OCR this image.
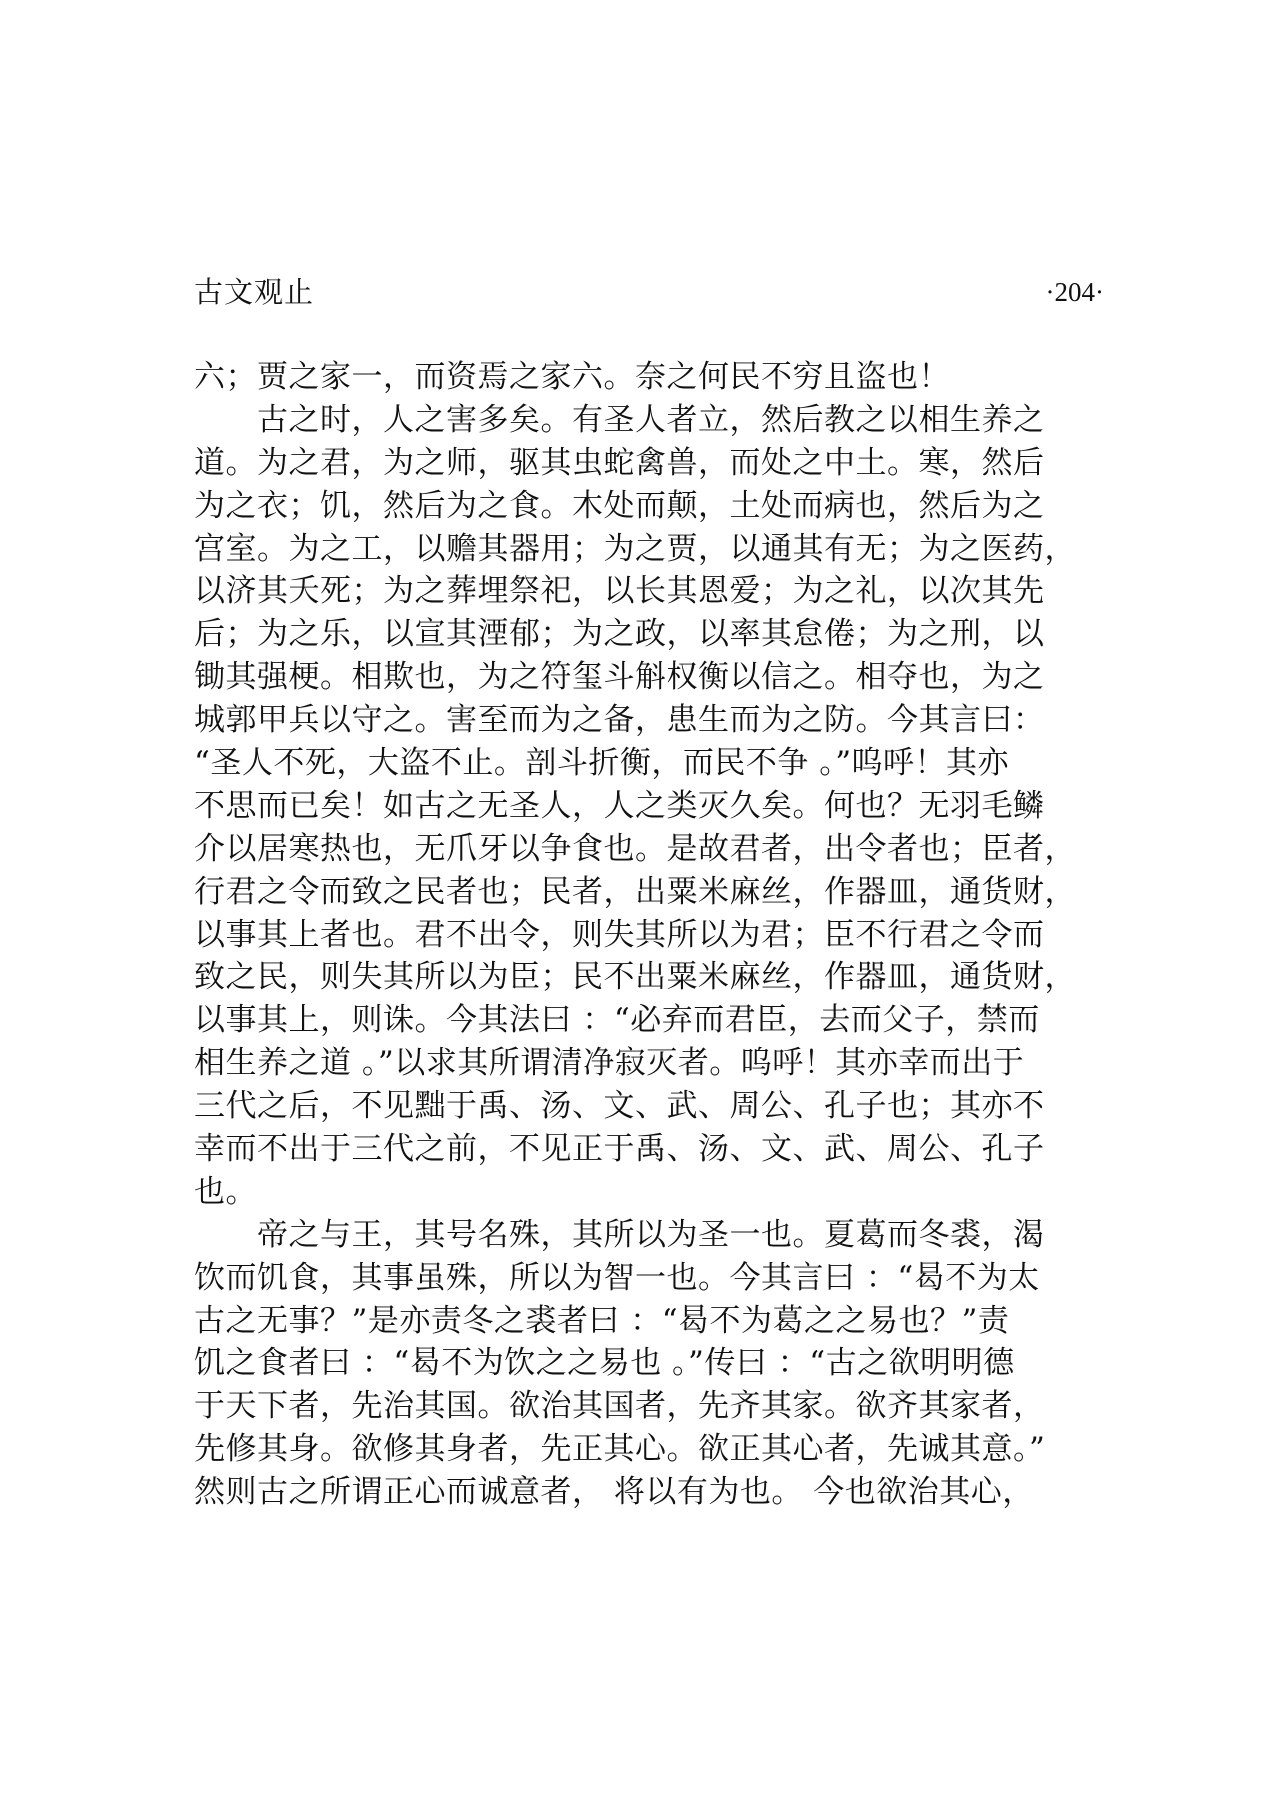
古文观止	·204·
六；贾之家一，而资焉之家六。奈之何民不穷且盗也！
　　古之时，人之害多矣。有圣人者立，然后教之以相生养之
道。为之君，为之师，驱其虫蛇禽兽，而处之中土。寒，然后
为之衣；饥，然后为之食。木处而颠，土处而病也，然后为之
宫室。为之工，以赡其器用；为之贾，以通其有无；为之医药，
以济其夭死；为之葬埋祭祀，以长其恩爱；为之礼，以次其先
后；为之乐，以宣其湮郁；为之政，以率其怠倦；为之刑，以
锄其强梗。相欺也，为之符玺斗斛权衡以信之。相夺也，为之
城郭甲兵以守之。害至而为之备，患生而为之防。今其言曰：
“圣人不死，大盗不止。剖斗折衡，而民不争 。”呜呼！其亦
不思而已矣！如古之无圣人，人之类灭久矣。何也？无羽毛鳞
介以居寒热也，无爪牙以争食也。是故君者，出令者也；臣者，
行君之令而致之民者也；民者，出粟米麻丝，作器皿，通货财，
以事其上者也。君不出令，则失其所以为君；臣不行君之令而
致之民，则失其所以为臣；民不出粟米麻丝，作器皿，通货财，
以事其上，则诛。今其法曰 ：“必弃而君臣，去而父子，禁而
相生养之道 。”以求其所谓清净寂灭者。呜呼！其亦幸而出于
三代之后，不见黜于禹、汤、文、武、周公、孔子也；其亦不
幸而不出于三代之前，不见正于禹、汤、文、武、周公、孔子
也。
　　帝之与王，其号名殊，其所以为圣一也。夏葛而冬裘，渴
饮而饥食，其事虽殊，所以为智一也。今其言曰 ：“曷不为太
古之无事？”是亦责冬之裘者曰 ：“曷不为葛之之易也？”责
饥之食者曰 ：“曷不为饮之之易也 。”传曰 ：“古之欲明明德
于天下者，先治其国。欲治其国者，先齐其家。欲齐其家者，
先修其身。欲修其身者，先正其心。欲正其心者，先诚其意。”
然则古之所谓正心而诚意者， 将以有为也。 今也欲治其心，
